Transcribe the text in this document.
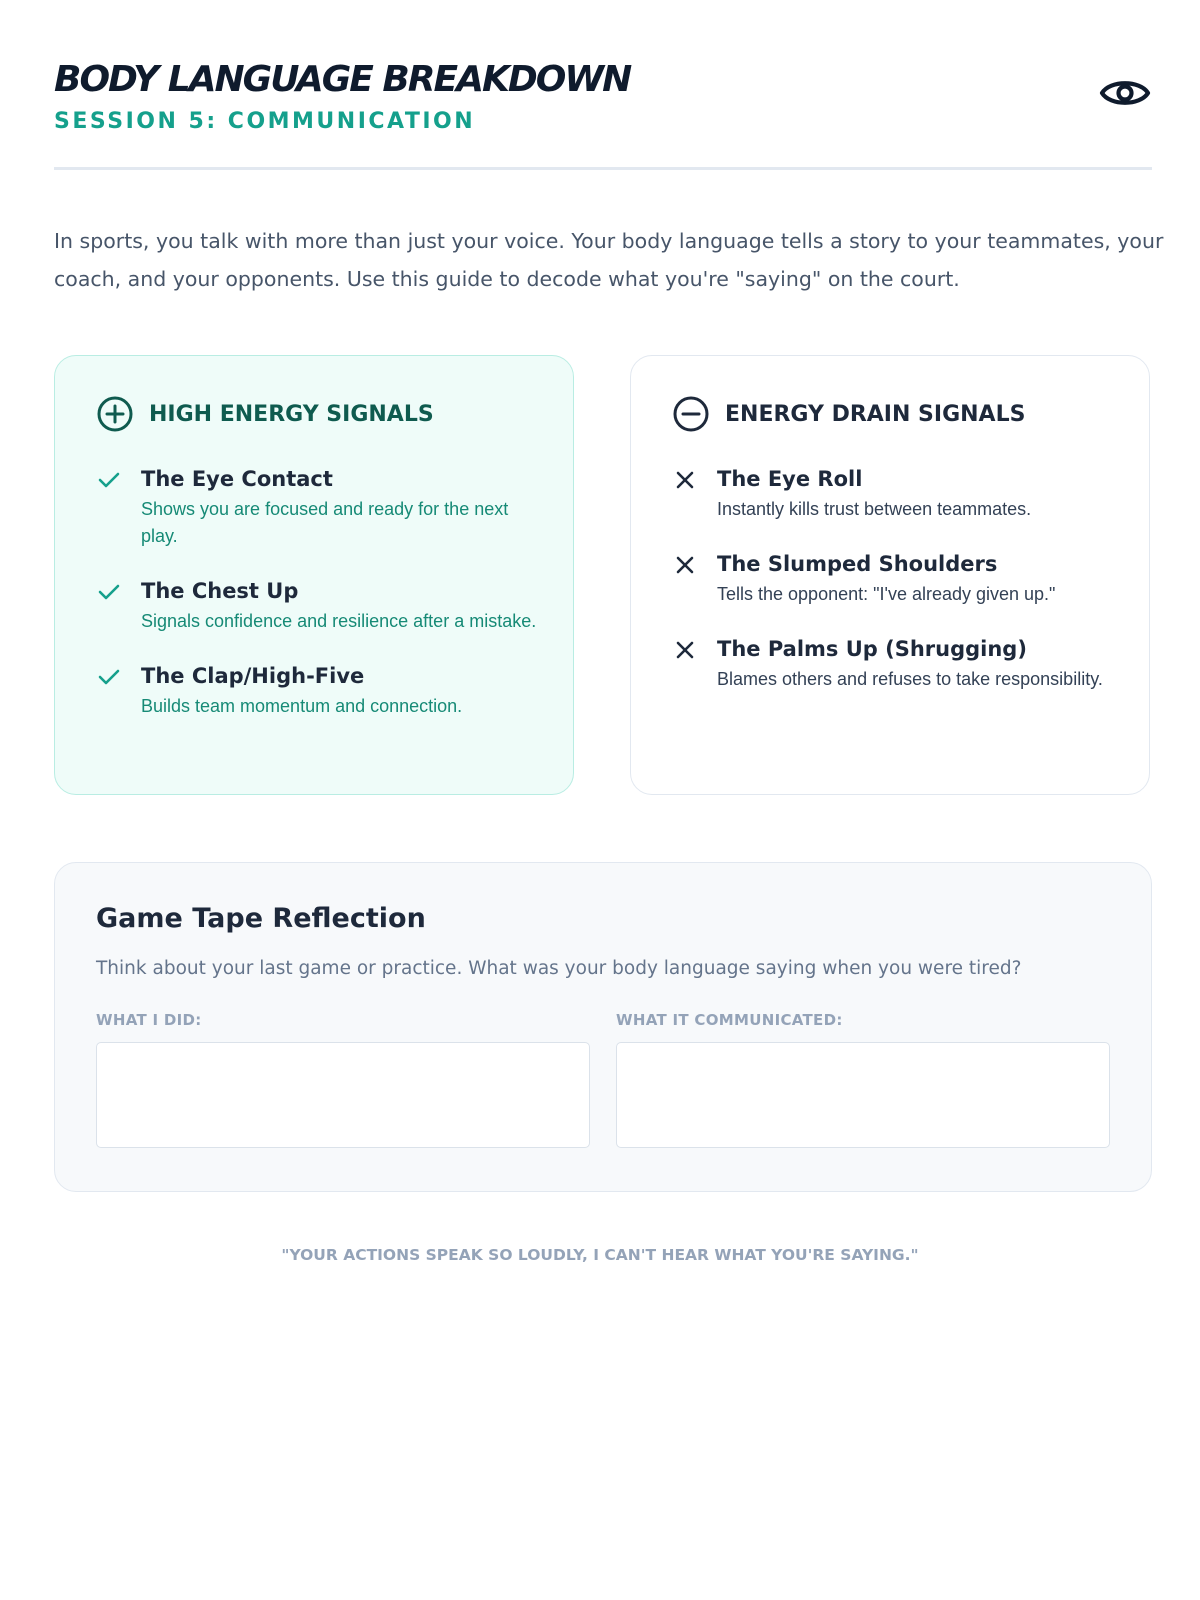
BODY LANGUAGE BREAKDOWN
SESSION 5: COMMUNICATION

In sports, you talk with more than just your voice. Your body language tells a story to your teammates, your coach, and your opponents. Use this guide to decode what you're "saying" on the court.

HIGH ENERGY SIGNALS
The Eye Contact
Shows you are focused and ready for the next play.
The Chest Up
Signals confidence and resilience after a mistake.
The Clap/High-Five
Builds team momentum and connection.
ENERGY DRAIN SIGNALS
The Eye Roll
Instantly kills trust between teammates.
The Slumped Shoulders
Tells the opponent: "I've already given up."
The Palms Up (Shrugging)
Blames others and refuses to take responsibility.
Game Tape Reflection

Think about your last game or practice. What was your body language saying when you were tired?

WHAT I DID:	WHAT IT COMMUNICATED:

"YOUR ACTIONS SPEAK SO LOUDLY, I CAN'T HEAR WHAT YOU'RE SAYING."
